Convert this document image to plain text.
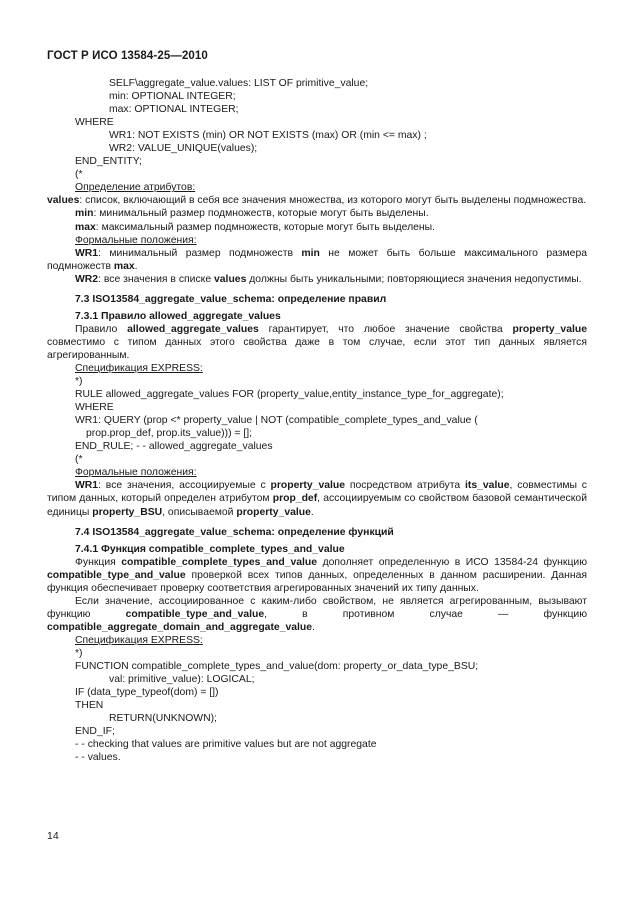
ГОСТ Р ИСО 13584-25—2010
SELF\aggregate_value.values: LIST OF primitive_value;
min: OPTIONAL INTEGER;
max: OPTIONAL INTEGER;
WHERE
WR1: NOT EXISTS (min) OR NOT EXISTS (max) OR (min <= max) ;
WR2: VALUE_UNIQUE(values);
END_ENTITY;
(*
Определение атрибутов:
values: список, включающий в себя все значения множества, из которого могут быть выделены подмножества.
min: минимальный размер подмножеств, которые могут быть выделены.
max: максимальный размер подмножеств, которые могут быть выделены.
Формальные положения:
WR1: минимальный размер подмножеств min не может быть больше максимального размера подмножеств max.
WR2: все значения в списке values должны быть уникальными; повторяющиеся значения недопустимы.
7.3 ISO13584_aggregate_value_schema: определение правил
7.3.1 Правило allowed_aggregate_values
Правило allowed_aggregate_values гарантирует, что любое значение свойства property_value совместимо с типом данных этого свойства даже в том случае, если этот тип данных является агрегированным.
Спецификация EXPRESS:
*)
RULE allowed_aggregate_values FOR (property_value,entity_instance_type_for_aggregate);
WHERE
WR1: QUERY (prop <* property_value | NOT (compatible_complete_types_and_value (
prop.prop_def, prop.its_value))) = [];
END_RULE; - - allowed_aggregate_values
(*
Формальные положения:
WR1: все значения, ассоциируемые с property_value посредством атрибута its_value, совместимы с типом данных, который определен атрибутом prop_def, ассоциируемым со свойством базовой семантической единицы property_BSU, описываемой property_value.
7.4 ISO13584_aggregate_value_schema: определение функций
7.4.1 Функция compatible_complete_types_and_value
Функция compatible_complete_types_and_value дополняет определенную в ИСО 13584-24 функцию compatible_type_and_value проверкой всех типов данных, определенных в данном расширении. Данная функция обеспечивает проверку соответствия агрегированных значений их типу данных.
Если значение, ассоциированное с каким-либо свойством, не является агрегированным, вызывают функцию compatible_type_and_value, в противном случае — функцию compatible_aggregate_domain_and_aggregate_value.
Спецификация EXPRESS:
*)
FUNCTION compatible_complete_types_and_value(dom: property_or_data_type_BSU;
val: primitive_value): LOGICAL;
IF (data_type_typeof(dom) = [])
THEN
RETURN(UNKNOWN);
END_IF;
- - checking that values are primitive values but are not aggregate
- - values.
14
